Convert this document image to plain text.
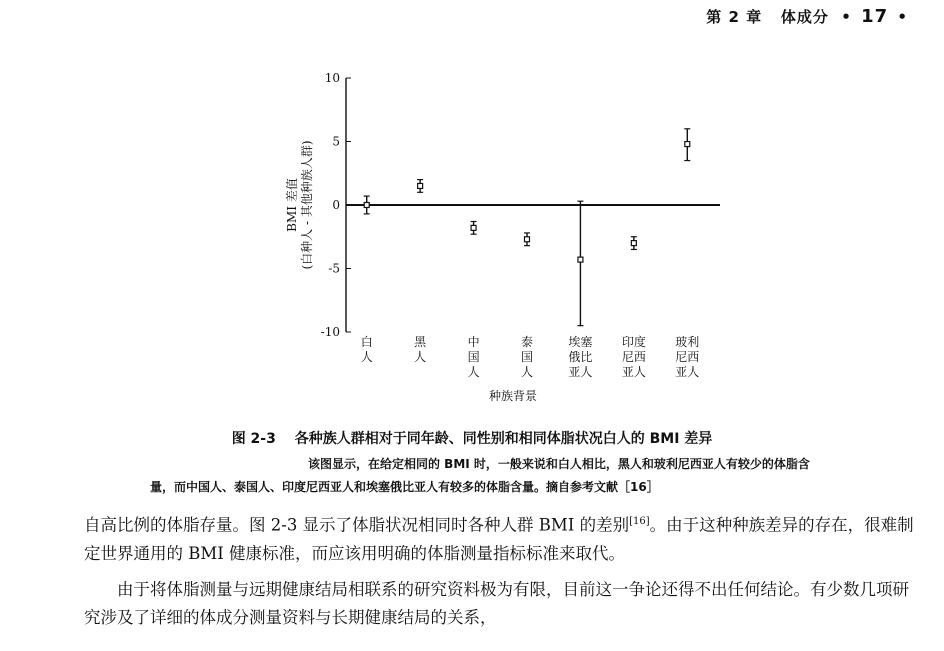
第 2 章 体成分  • 17 •
10
5
0
-5
-10
BMI 差值 (白种人 - 其他种族人群)
白
人
黑
人
中
国
人
泰
国
人
埃塞
俄比
亚人
印度
尼西
亚人
玻利
尼西
亚人
种族背景
图 2-3 各种族人群相对于同年龄、同性别和相同体脂状况白人的 BMI 差异
该图显示，在给定相同的 BMI 时，一般来说和白人相比，黑人和玻利尼西亚人有较少的体脂含
量，而中国人、泰国人、印度尼西亚人和埃塞俄比亚人有较多的体脂含量。摘自参考文献［16］

自高比例的体脂存量。图 2-3 显示了体脂状况相同时各种人群 BMI 的差别[16]。由于这种种族差异的存在，很难制定世界通用的 BMI 健康标准，而应该用明确的体脂测量指标标准来取代。

由于将体脂测量与远期健康结局相联系的研究资料极为有限，目前这一争论还得不出任何结论。有少数几项研究涉及了详细的体成分测量资料与长期健康结局的关系，
